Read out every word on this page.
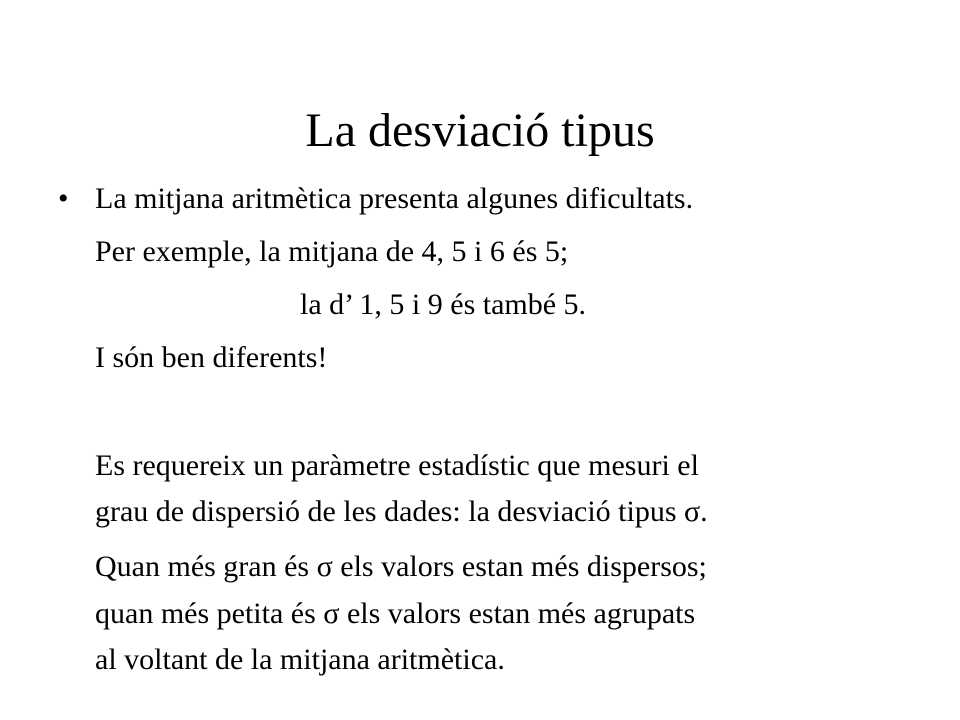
La desviació tipus
• La mitjana aritmètica presenta algunes dificultats.
Per exemple, la mitjana de 4, 5 i 6 és 5;
la d’ 1, 5 i 9 és també 5.
I són ben diferents!
Es requereix un paràmetre estadístic que mesuri el
grau de dispersió de les dades: la desviació tipus σ.
Quan més gran és σ els valors estan més dispersos;
quan més petita és σ els valors estan més agrupats
al voltant de la mitjana aritmètica.
